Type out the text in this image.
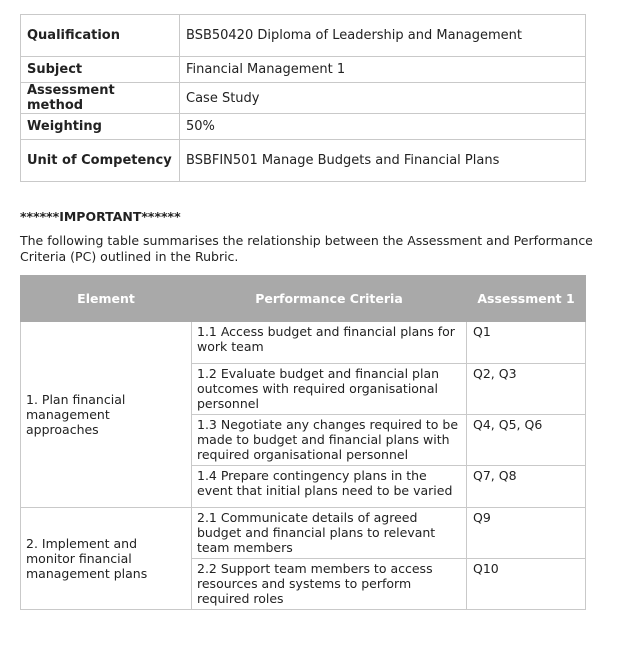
Qualification	BSB50420 Diploma of Leadership and Management
Subject	Financial Management 1
Assessment method	Case Study
Weighting	50%
Unit of Competency	BSBFIN501 Manage Budgets and Financial Plans
******IMPORTANT******
The following table summarises the relationship between the Assessment and Performance Criteria (PC) outlined in the Rubric.
Element	Performance Criteria	Assessment 1
1. Plan financial management approaches	1.1 Access budget and financial plans for work team	Q1
	1.2 Evaluate budget and financial plan outcomes with required organisational personnel	Q2, Q3
	1.3 Negotiate any changes required to be made to budget and financial plans with required organisational personnel	Q4, Q5, Q6
	1.4 Prepare contingency plans in the event that initial plans need to be varied	Q7, Q8
2. Implement and monitor financial management plans	2.1 Communicate details of agreed budget and financial plans to relevant team members	Q9
	2.2 Support team members to access resources and systems to perform required roles	Q10
